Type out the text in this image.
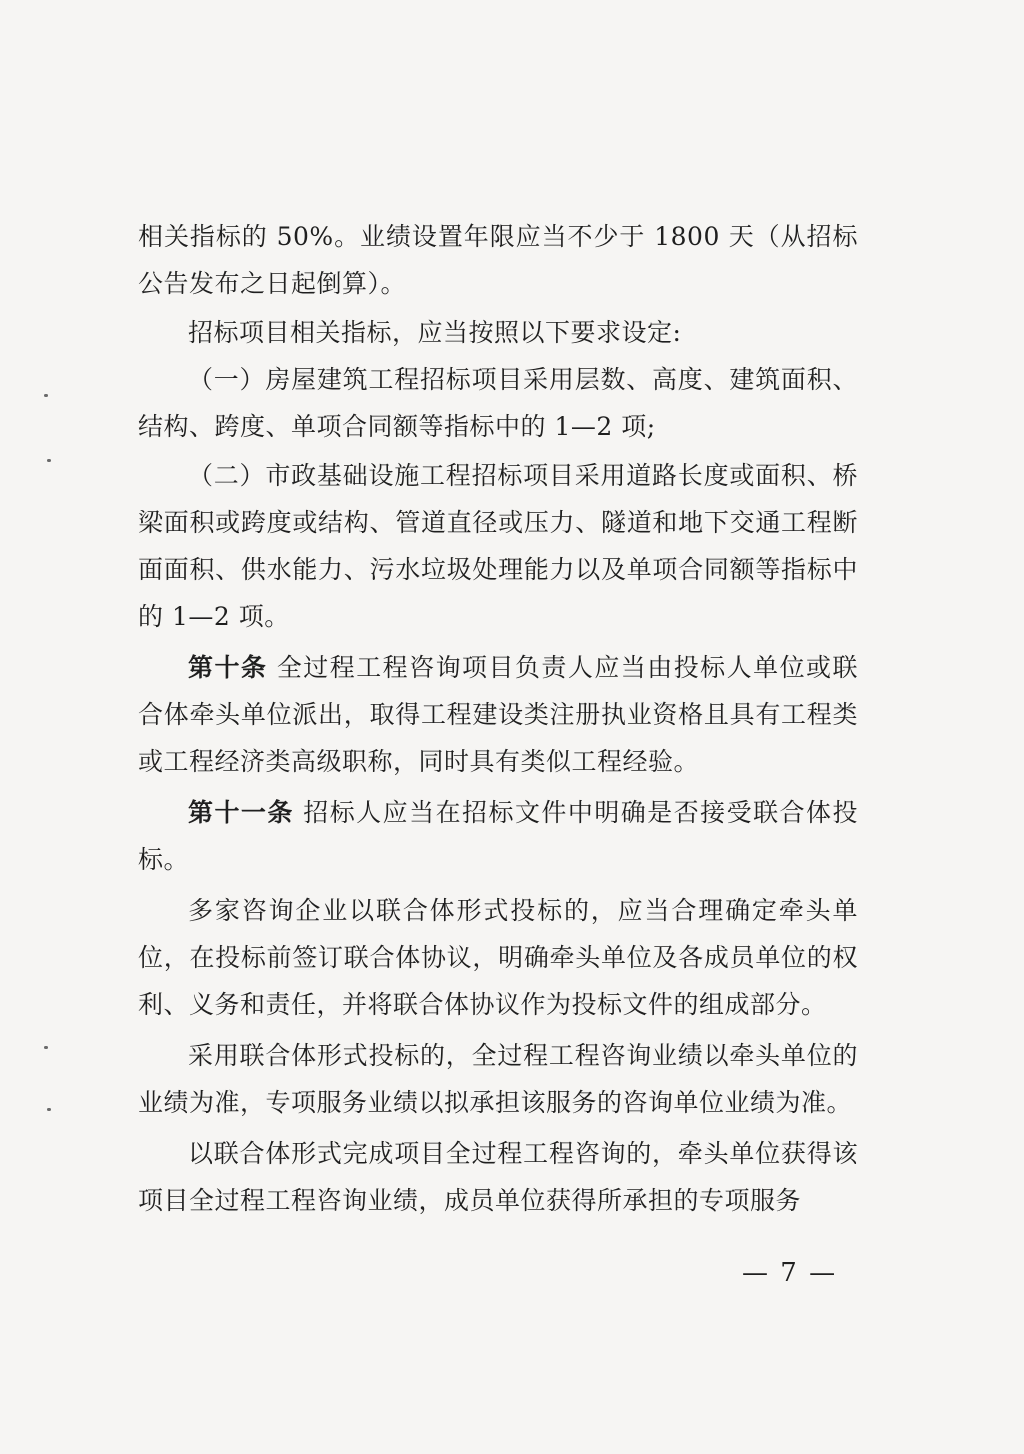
相关指标的 50%。业绩设置年限应当不少于 1800 天（从招标公告发布之日起倒算）。

招标项目相关指标，应当按照以下要求设定:

（一）房屋建筑工程招标项目采用层数、高度、建筑面积、结构、跨度、单项合同额等指标中的 1—2 项;

（二）市政基础设施工程招标项目采用道路长度或面积、桥梁面积或跨度或结构、管道直径或压力、隧道和地下交通工程断面面积、供水能力、污水垃圾处理能力以及单项合同额等指标中的 1—2 项。

第十条 全过程工程咨询项目负责人应当由投标人单位或联合体牵头单位派出，取得工程建设类注册执业资格且具有工程类或工程经济类高级职称，同时具有类似工程经验。

第十一条 招标人应当在招标文件中明确是否接受联合体投标。

多家咨询企业以联合体形式投标的，应当合理确定牵头单位，在投标前签订联合体协议，明确牵头单位及各成员单位的权利、义务和责任，并将联合体协议作为投标文件的组成部分。

采用联合体形式投标的，全过程工程咨询业绩以牵头单位的业绩为准，专项服务业绩以拟承担该服务的咨询单位业绩为准。

以联合体形式完成项目全过程工程咨询的，牵头单位获得该项目全过程工程咨询业绩，成员单位获得所承担的专项服务

— 7 —
